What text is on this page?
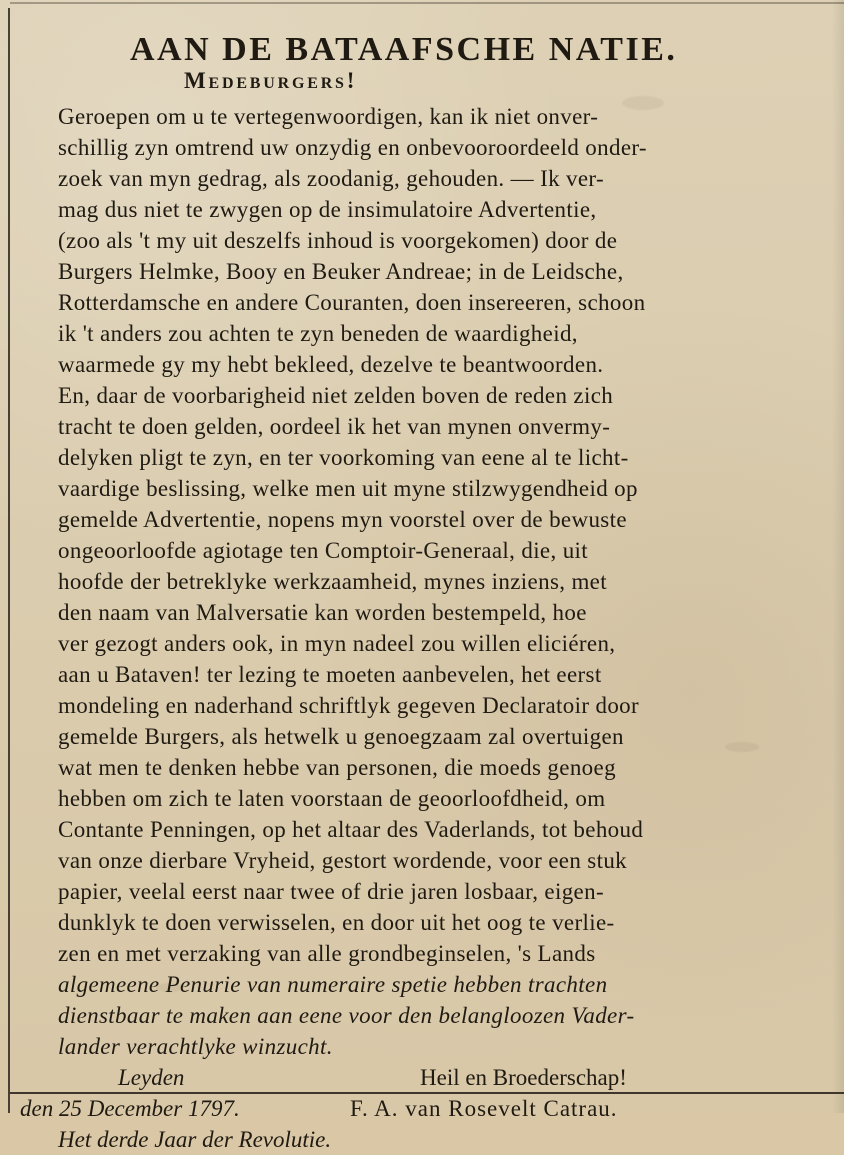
AAN DE BATAAFSCHE NATIE.
Medeburgers!
Geroepen om u te vertegenwoordigen, kan ik niet onver-
schillig zyn omtrend uw onzydig en onbevooroordeeld onder-
zoek van myn gedrag, als zoodanig, gehouden. — Ik ver-
mag dus niet te zwygen op de insimulatoire Advertentie,
(zoo als 't my uit deszelfs inhoud is voorgekomen) door de
Burgers Helmke, Booy en Beuker Andreae; in de Leidsche,
Rotterdamsche en andere Couranten, doen insereeren, schoon
ik 't anders zou achten te zyn beneden de waardigheid,
waarmede gy my hebt bekleed, dezelve te beantwoorden.
En, daar de voorbarigheid niet zelden boven de reden zich
tracht te doen gelden, oordeel ik het van mynen onvermy-
delyken pligt te zyn, en ter voorkoming van eene al te licht-
vaardige beslissing, welke men uit myne stilzwygendheid op
gemelde Advertentie, nopens myn voorstel over de bewuste
ongeoorloofde agiotage ten Comptoir-Generaal, die, uit
hoofde der betreklyke werkzaamheid, mynes inziens, met
den naam van Malversatie kan worden bestempeld, hoe
ver gezogt anders ook, in myn nadeel zou willen eliciéren,
aan u Bataven! ter lezing te moeten aanbevelen, het eerst
mondeling en naderhand schriftlyk gegeven Declaratoir door
gemelde Burgers, als hetwelk u genoegzaam zal overtuigen
wat men te denken hebbe van personen, die moeds genoeg
hebben om zich te laten voorstaan de geoorloofdheid, om
Contante Penningen, op het altaar des Vaderlands, tot behoud
van onze dierbare Vryheid, gestort wordende, voor een stuk
papier, veelal eerst naar twee of drie jaren losbaar, eigen-
dunklyk te doen verwisselen, en door uit het oog te verlie-
zen en met verzaking van alle grondbeginselen, 's Lands
algemeene Penurie van numeraire spetie hebben trachten
dienstbaar te maken aan eene voor den belangloozen Vader-
lander verachtlyke winzucht.
Leyden	Heil en Broederschap!
den 25 December 1797.	F. A. van Rosevelt Catrau.
Het derde Jaar der Revolutie.
